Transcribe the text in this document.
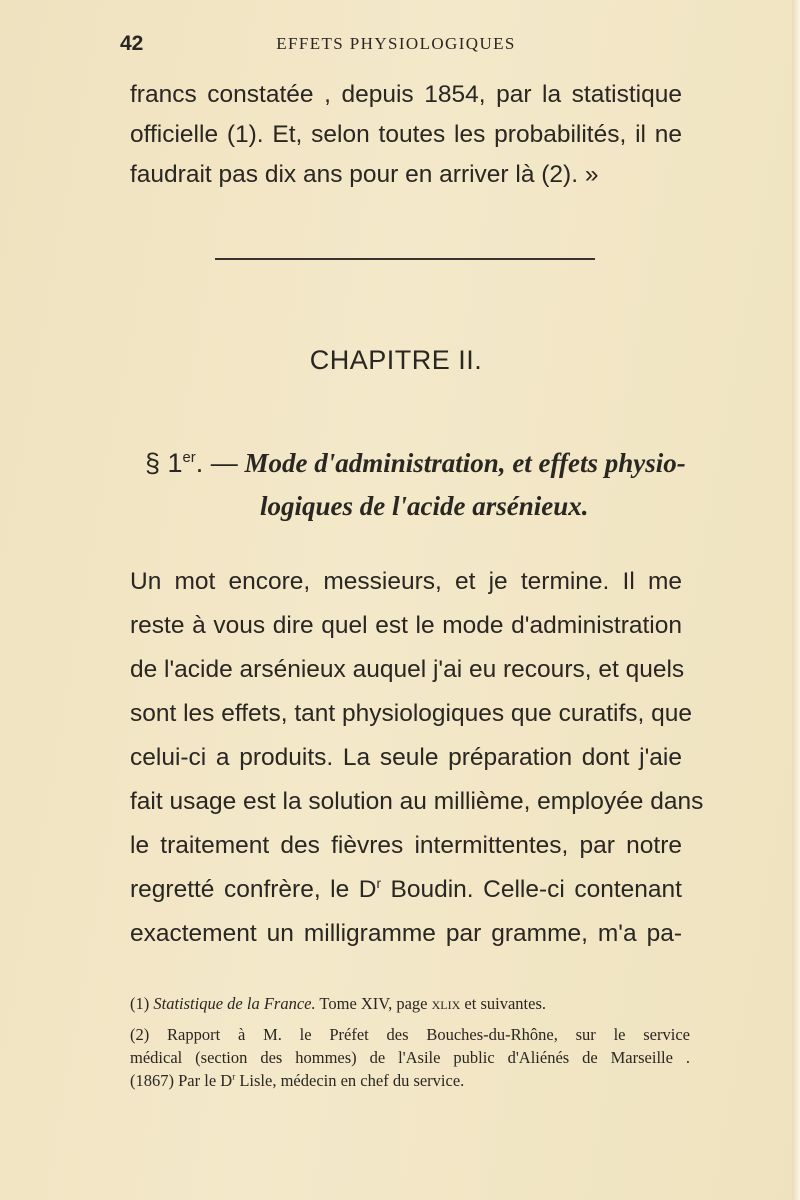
42	EFFETS PHYSIOLOGIQUES

francs constatée , depuis 1854, par la statistique

officielle (1). Et, selon toutes les probabilités, il ne

faudrait pas dix ans pour en arriver là (2). »

CHAPITRE II.

§ 1er. — Mode d'administration, et effets physio-

logiques de l'acide arsénieux.

Un mot encore, messieurs, et je termine. Il me

reste à vous dire quel est le mode d'administration

de l'acide arsénieux auquel j'ai eu recours, et quels

sont les effets, tant physiologiques que curatifs, que

celui-ci a produits. La seule préparation dont j'aie

fait usage est la solution au millième, employée dans

le traitement des fièvres intermittentes, par notre

regretté confrère, le $D^r$ Boudin. Celle-ci contenant

exactement un milligramme par gramme, m'a pa-

(1) Statistique de la France. Tome XIV, page xlix et suivantes.

(2) Rapport à M. le Préfet des Bouches-du-Rhône, sur le service

médical (section des hommes) de l'Asile public d'Aliénés de Marseille .

(1867) Par le $D^r$ Lisle, médecin en chef du service.
